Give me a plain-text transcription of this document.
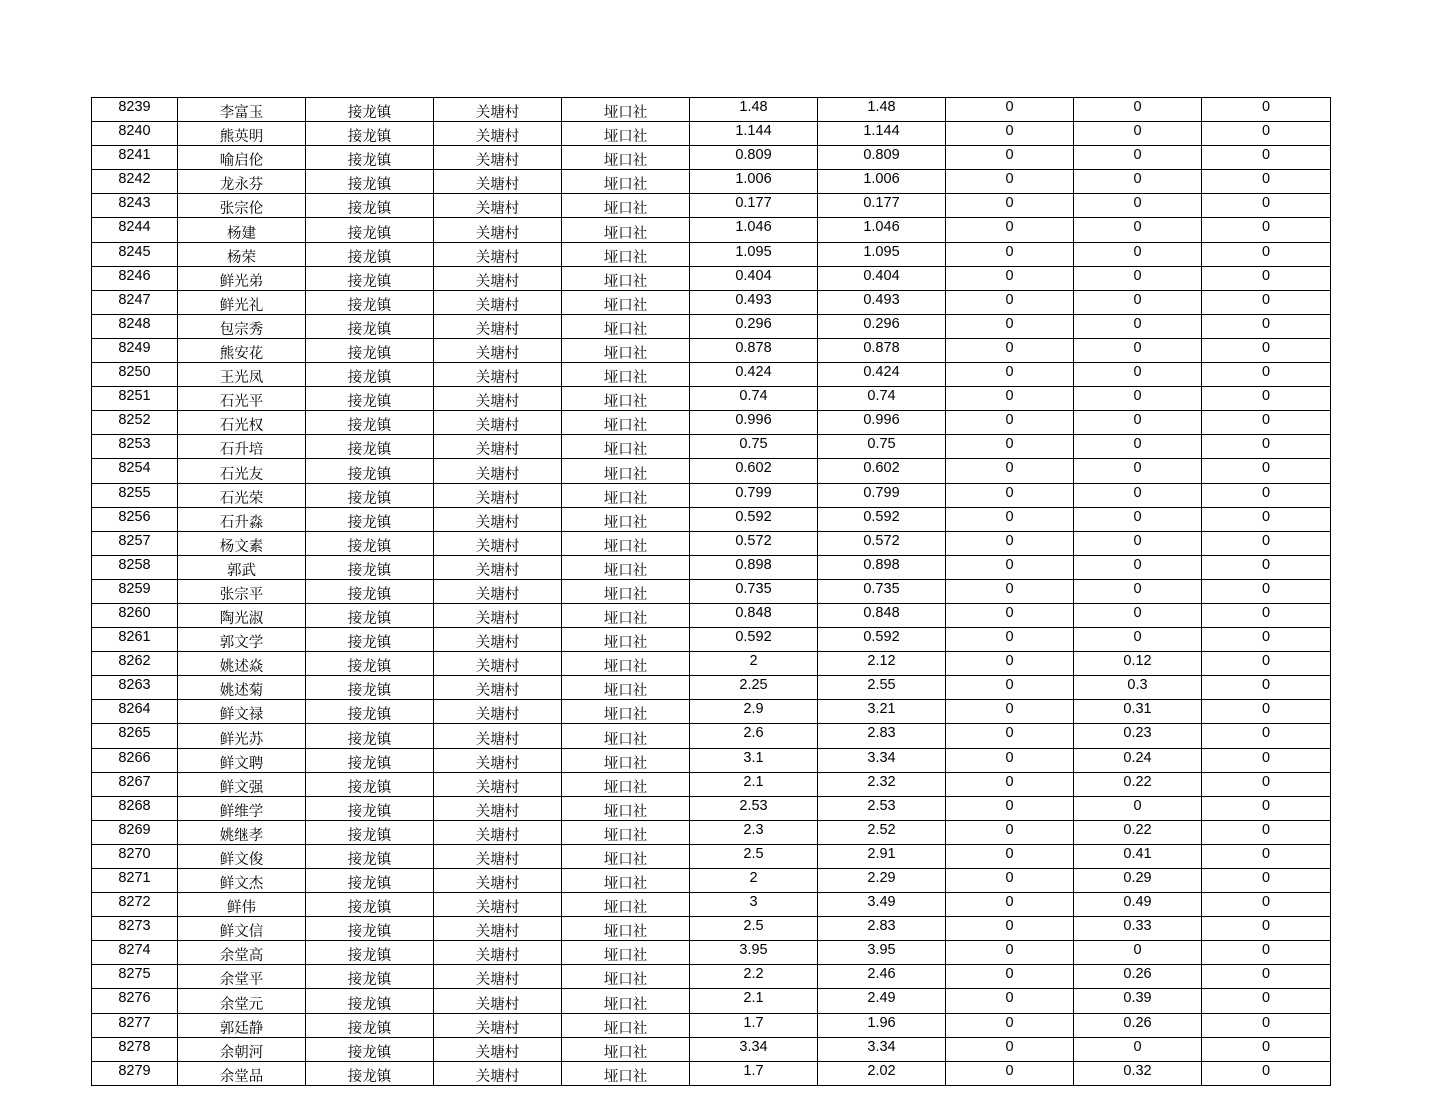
8239	李富玉	接龙镇	关塘村	垭口社	1.48	1.48	0	0	0
8240	熊英明	接龙镇	关塘村	垭口社	1.144	1.144	0	0	0
8241	喻启伦	接龙镇	关塘村	垭口社	0.809	0.809	0	0	0
8242	龙永芬	接龙镇	关塘村	垭口社	1.006	1.006	0	0	0
8243	张宗伦	接龙镇	关塘村	垭口社	0.177	0.177	0	0	0
8244	杨建	接龙镇	关塘村	垭口社	1.046	1.046	0	0	0
8245	杨荣	接龙镇	关塘村	垭口社	1.095	1.095	0	0	0
8246	鲜光弟	接龙镇	关塘村	垭口社	0.404	0.404	0	0	0
8247	鲜光礼	接龙镇	关塘村	垭口社	0.493	0.493	0	0	0
8248	包宗秀	接龙镇	关塘村	垭口社	0.296	0.296	0	0	0
8249	熊安花	接龙镇	关塘村	垭口社	0.878	0.878	0	0	0
8250	王光凤	接龙镇	关塘村	垭口社	0.424	0.424	0	0	0
8251	石光平	接龙镇	关塘村	垭口社	0.74	0.74	0	0	0
8252	石光权	接龙镇	关塘村	垭口社	0.996	0.996	0	0	0
8253	石升培	接龙镇	关塘村	垭口社	0.75	0.75	0	0	0
8254	石光友	接龙镇	关塘村	垭口社	0.602	0.602	0	0	0
8255	石光荣	接龙镇	关塘村	垭口社	0.799	0.799	0	0	0
8256	石升淼	接龙镇	关塘村	垭口社	0.592	0.592	0	0	0
8257	杨文素	接龙镇	关塘村	垭口社	0.572	0.572	0	0	0
8258	郭武	接龙镇	关塘村	垭口社	0.898	0.898	0	0	0
8259	张宗平	接龙镇	关塘村	垭口社	0.735	0.735	0	0	0
8260	陶光淑	接龙镇	关塘村	垭口社	0.848	0.848	0	0	0
8261	郭文学	接龙镇	关塘村	垭口社	0.592	0.592	0	0	0
8262	姚述焱	接龙镇	关塘村	垭口社	2	2.12	0	0.12	0
8263	姚述菊	接龙镇	关塘村	垭口社	2.25	2.55	0	0.3	0
8264	鲜文禄	接龙镇	关塘村	垭口社	2.9	3.21	0	0.31	0
8265	鲜光苏	接龙镇	关塘村	垭口社	2.6	2.83	0	0.23	0
8266	鲜文聘	接龙镇	关塘村	垭口社	3.1	3.34	0	0.24	0
8267	鲜文强	接龙镇	关塘村	垭口社	2.1	2.32	0	0.22	0
8268	鲜维学	接龙镇	关塘村	垭口社	2.53	2.53	0	0	0
8269	姚继孝	接龙镇	关塘村	垭口社	2.3	2.52	0	0.22	0
8270	鲜文俊	接龙镇	关塘村	垭口社	2.5	2.91	0	0.41	0
8271	鲜文杰	接龙镇	关塘村	垭口社	2	2.29	0	0.29	0
8272	鲜伟	接龙镇	关塘村	垭口社	3	3.49	0	0.49	0
8273	鲜文信	接龙镇	关塘村	垭口社	2.5	2.83	0	0.33	0
8274	余堂高	接龙镇	关塘村	垭口社	3.95	3.95	0	0	0
8275	余堂平	接龙镇	关塘村	垭口社	2.2	2.46	0	0.26	0
8276	余堂元	接龙镇	关塘村	垭口社	2.1	2.49	0	0.39	0
8277	郭廷静	接龙镇	关塘村	垭口社	1.7	1.96	0	0.26	0
8278	余朝河	接龙镇	关塘村	垭口社	3.34	3.34	0	0	0
8279	余堂品	接龙镇	关塘村	垭口社	1.7	2.02	0	0.32	0
